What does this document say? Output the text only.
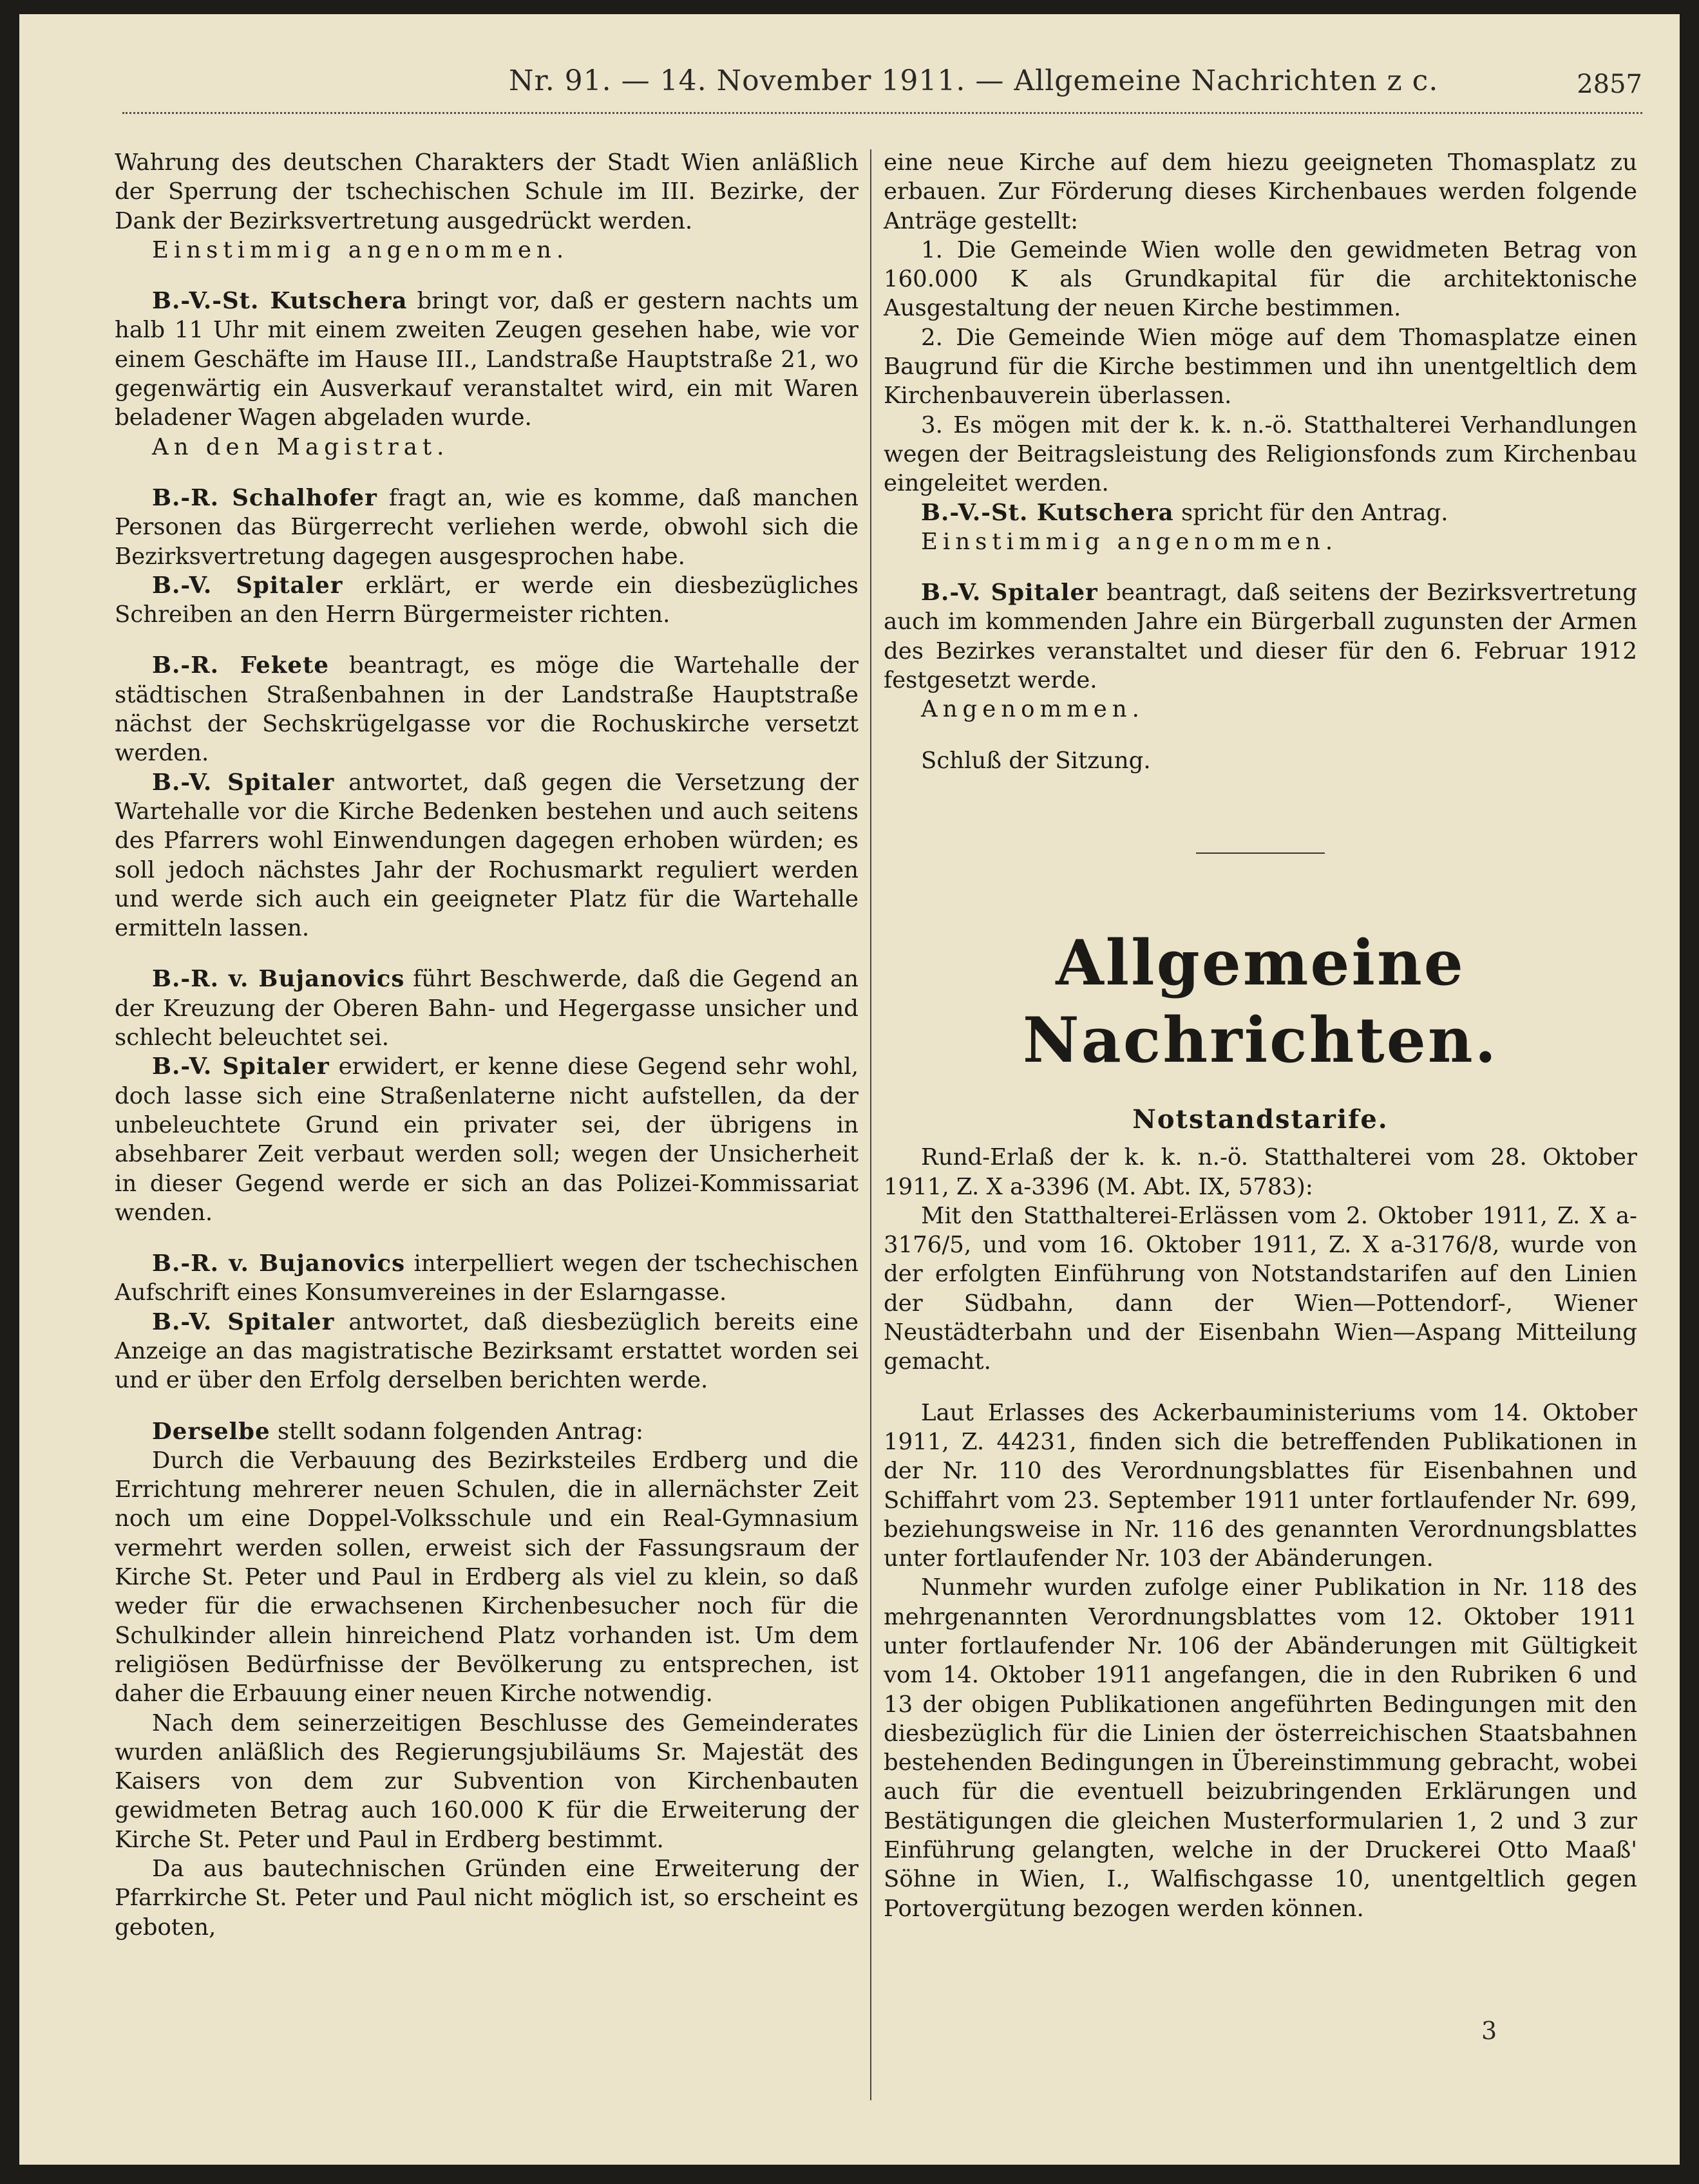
Nr. 91. — 14. November 1911. — Allgemeine Nachrichten z c.	2857

Wahrung des deutschen Charakters der Stadt Wien anläßlich der Sperrung der tschechischen Schule im III. Bezirke, der Dank der Bezirksvertretung ausgedrückt werden.

Einstimmig angenommen.

B.-V.-St. Kutschera bringt vor, daß er gestern nachts um halb 11 Uhr mit einem zweiten Zeugen gesehen habe, wie vor einem Geschäfte im Hause III., Landstraße Hauptstraße 21, wo gegenwärtig ein Ausverkauf veranstaltet wird, ein mit Waren beladener Wagen abgeladen wurde.

An den Magistrat.

B.-R. Schalhofer fragt an, wie es komme, daß manchen Personen das Bürgerrecht verliehen werde, obwohl sich die Bezirksvertretung dagegen ausgesprochen habe.

B.-V. Spitaler erklärt, er werde ein diesbezügliches Schreiben an den Herrn Bürgermeister richten.

B.-R. Fekete beantragt, es möge die Wartehalle der städtischen Straßenbahnen in der Landstraße Hauptstraße nächst der Sechskrügelgasse vor die Rochuskirche versetzt werden.

B.-V. Spitaler antwortet, daß gegen die Versetzung der Wartehalle vor die Kirche Bedenken bestehen und auch seitens des Pfarrers wohl Einwendungen dagegen erhoben würden; es soll jedoch nächstes Jahr der Rochusmarkt reguliert werden und werde sich auch ein geeigneter Platz für die Wartehalle ermitteln lassen.

B.-R. v. Bujanovics führt Beschwerde, daß die Gegend an der Kreuzung der Oberen Bahn- und Hegergasse unsicher und schlecht beleuchtet sei.

B.-V. Spitaler erwidert, er kenne diese Gegend sehr wohl, doch lasse sich eine Straßenlaterne nicht aufstellen, da der unbeleuchtete Grund ein privater sei, der übrigens in absehbarer Zeit verbaut werden soll; wegen der Unsicherheit in dieser Gegend werde er sich an das Polizei-Kommissariat wenden.

B.-R. v. Bujanovics interpelliert wegen der tschechischen Aufschrift eines Konsumvereines in der Eslarngasse.

B.-V. Spitaler antwortet, daß diesbezüglich bereits eine Anzeige an das magistratische Bezirksamt erstattet worden sei und er über den Erfolg derselben berichten werde.

Derselbe stellt sodann folgenden Antrag:

Durch die Verbauung des Bezirksteiles Erdberg und die Errichtung mehrerer neuen Schulen, die in allernächster Zeit noch um eine Doppel-Volksschule und ein Real-Gymnasium vermehrt werden sollen, erweist sich der Fassungsraum der Kirche St. Peter und Paul in Erdberg als viel zu klein, so daß weder für die erwachsenen Kirchenbesucher noch für die Schulkinder allein hinreichend Platz vorhanden ist. Um dem religiösen Bedürfnisse der Bevölkerung zu entsprechen, ist daher die Erbauung einer neuen Kirche notwendig.

Nach dem seinerzeitigen Beschlusse des Gemeinderates wurden anläßlich des Regierungsjubiläums Sr. Majestät des Kaisers von dem zur Subvention von Kirchenbauten gewidmeten Betrag auch 160.000 K für die Erweiterung der Kirche St. Peter und Paul in Erdberg bestimmt.

Da aus bautechnischen Gründen eine Erweiterung der Pfarrkirche St. Peter und Paul nicht möglich ist, so erscheint es geboten,

eine neue Kirche auf dem hiezu geeigneten Thomasplatz zu erbauen. Zur Förderung dieses Kirchenbaues werden folgende Anträge gestellt:

1. Die Gemeinde Wien wolle den gewidmeten Betrag von 160.000 K als Grundkapital für die architektonische Ausgestaltung der neuen Kirche bestimmen.

2. Die Gemeinde Wien möge auf dem Thomasplatze einen Baugrund für die Kirche bestimmen und ihn unentgeltlich dem Kirchenbauverein überlassen.

3. Es mögen mit der k. k. n.-ö. Statthalterei Verhandlungen wegen der Beitragsleistung des Religionsfonds zum Kirchenbau eingeleitet werden.

B.-V.-St. Kutschera spricht für den Antrag.

Einstimmig angenommen.

B.-V. Spitaler beantragt, daß seitens der Bezirksvertretung auch im kommenden Jahre ein Bürgerball zugunsten der Armen des Bezirkes veranstaltet und dieser für den 6. Februar 1912 festgesetzt werde.

Angenommen.

Schluß der Sitzung.

Allgemeine Nachrichten.
Notstandstarife.

Rund-Erlaß der k. k. n.-ö. Statthalterei vom 28. Oktober 1911, Z. X a-3396 (M. Abt. IX, 5783):

Mit den Statthalterei-Erlässen vom 2. Oktober 1911, Z. X a-3176/5, und vom 16. Oktober 1911, Z. X a-3176/8, wurde von der erfolgten Einführung von Notstandstarifen auf den Linien der Südbahn, dann der Wien—Pottendorf-, Wiener Neustädterbahn und der Eisenbahn Wien—Aspang Mitteilung gemacht.

Laut Erlasses des Ackerbauministeriums vom 14. Oktober 1911, Z. 44231, finden sich die betreffenden Publikationen in der Nr. 110 des Verordnungsblattes für Eisenbahnen und Schiffahrt vom 23. September 1911 unter fortlaufender Nr. 699, beziehungsweise in Nr. 116 des genannten Verordnungsblattes unter fortlaufender Nr. 103 der Abänderungen.

Nunmehr wurden zufolge einer Publikation in Nr. 118 des mehrgenannten Verordnungsblattes vom 12. Oktober 1911 unter fortlaufender Nr. 106 der Abänderungen mit Gültigkeit vom 14. Oktober 1911 angefangen, die in den Rubriken 6 und 13 der obigen Publikationen angeführten Bedingungen mit den diesbezüglich für die Linien der österreichischen Staatsbahnen bestehenden Bedingungen in Übereinstimmung gebracht, wobei auch für die eventuell beizubringenden Erklärungen und Bestätigungen die gleichen Musterformularien 1, 2 und 3 zur Einführung gelangten, welche in der Druckerei Otto Maaß' Söhne in Wien, I., Walfischgasse 10, unentgeltlich gegen Portovergütung bezogen werden können.

3
